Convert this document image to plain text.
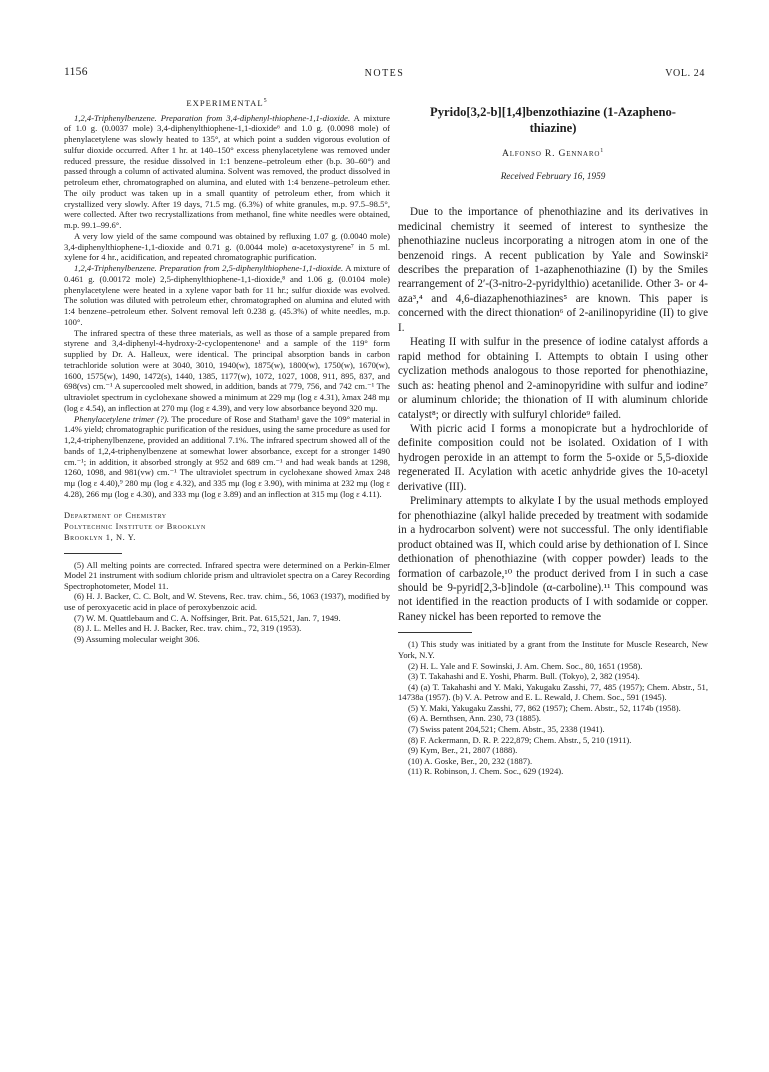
1156	NOTES	VOL. 24
EXPERIMENTAL$^5$

1,2,4-Triphenylbenzene. Preparation from 3,4-diphenyl-thiophene-1,1-dioxide. A mixture of 1.0 g. (0.0037 mole) 3,4-diphenylthiophene-1,1-dioxide⁶ and 1.0 g. (0.0098 mole) of phenylacetylene was slowly heated to 135°, at which point a sudden vigorous evolution of sulfur dioxide occurred. After 1 hr. at 140–150° excess phenylacetylene was removed under reduced pressure, the residue dissolved in 1:1 benzene–petroleum ether (b.p. 30–60°) and passed through a column of activated alumina. Solvent was removed, the product dissolved in petroleum ether, chromatographed on alumina, and eluted with 1:4 benzene–petroleum ether. The oily product was taken up in a small quantity of petroleum ether, from which it crystallized very slowly. After 19 days, 71.5 mg. (6.3%) of white granules, m.p. 97.5–98.5°, were collected. After two recrystallizations from methanol, fine white needles were obtained, m.p. 99.1–99.6°.

A very low yield of the same compound was obtained by refluxing 1.07 g. (0.0040 mole) 3,4-diphenylthiophene-1,1-dioxide and 0.71 g. (0.0044 mole) α-acetoxystyrene⁷ in 5 ml. xylene for 4 hr., acidification, and repeated chromatographic purification.

1,2,4-Triphenylbenzene. Preparation from 2,5-diphenylthiophene-1,1-dioxide. A mixture of 0.461 g. (0.00172 mole) 2,5-diphenylthiophene-1,1-dioxide,⁸ and 1.06 g. (0.0104 mole) phenylacetylene were heated in a xylene vapor bath for 11 hr.; sulfur dioxide was evolved. The solution was diluted with petroleum ether, chromatographed on alumina and eluted with 1:4 benzene–petroleum ether. Solvent removal left 0.238 g. (45.3%) of white needles, m.p. 100°.

The infrared spectra of these three materials, as well as those of a sample prepared from styrene and 3,4-diphenyl-4-hydroxy-2-cyclopentenone¹ and a sample of the 119° form supplied by Dr. A. Halleux, were identical. The principal absorption bands in carbon tetrachloride solution were at 3040, 3010, 1940(w), 1875(w), 1800(w), 1750(w), 1670(w), 1600, 1575(w), 1490, 1472(s), 1440, 1385, 1177(w), 1072, 1027, 1008, 911, 895, 837, and 698(vs) cm.⁻¹ A supercooled melt showed, in addition, bands at 779, 756, and 742 cm.⁻¹ The ultraviolet spectrum in cyclohexane showed a minimum at 229 mμ (log ε 4.31), λmax 248 mμ (log ε 4.54), an inflection at 270 mμ (log ε 4.39), and very low absorbance beyond 320 mμ.

Phenylacetylene trimer (?). The procedure of Rose and Statham¹ gave the 109° material in 1.4% yield; chromatographic purification of the residues, using the same procedure as used for 1,2,4-triphenylbenzene, provided an additional 7.1%. The infrared spectrum showed all of the bands of 1,2,4-triphenylbenzene at somewhat lower absorbance, except for a stronger 1490 cm.⁻¹; in addition, it absorbed strongly at 952 and 689 cm.⁻¹ and had weak bands at 1298, 1260, 1098, and 981(vw) cm.⁻¹ The ultraviolet spectrum in cyclohexane showed λmax 248 mμ (log ε 4.40),⁹ 280 mμ (log ε 4.32), and 335 mμ (log ε 3.90), with minima at 232 mμ (log ε 4.28), 266 mμ (log ε 4.30), and 333 mμ (log ε 3.89) and an inflection at 315 mμ (log ε 4.11).

Department of Chemistry
Polytechnic Institute of Brooklyn
Brooklyn 1, N. Y.

(5) All melting points are corrected. Infrared spectra were determined on a Perkin-Elmer Model 21 instrument with sodium chloride prism and ultraviolet spectra on a Carey Recording Spectrophotometer, Model 11.

(6) H. J. Backer, C. C. Bolt, and W. Stevens, Rec. trav. chim., 56, 1063 (1937), modified by use of peroxyacetic acid in place of peroxybenzoic acid.

(7) W. M. Quattlebaum and C. A. Noffsinger, Brit. Pat. 615,521, Jan. 7, 1949.

(8) J. L. Melles and H. J. Backer, Rec. trav. chim., 72, 319 (1953).

(9) Assuming molecular weight 306.

Pyrido[3,2-b][1,4]benzothiazine (1-Azapheno-
thiazine)
Alfonso R. Gennaro$^1$
Received February 16, 1959

Due to the importance of phenothiazine and its derivatives in medicinal chemistry it seemed of interest to synthesize the phenothiazine nucleus incorporating a nitrogen atom in one of the benzenoid rings. A recent publication by Yale and Sowinski² describes the preparation of 1-azaphenothiazine (I) by the Smiles rearrangement of 2′-(3-nitro-2-pyridylthio) acetanilide. Other 3- or 4-aza³,⁴ and 4,6-diazaphenothiazines⁵ are known. This paper is concerned with the direct thionation⁶ of 2-anilinopyridine (II) to give I.

Heating II with sulfur in the presence of iodine catalyst affords a rapid method for obtaining I. Attempts to obtain I using other cyclization methods analogous to those reported for phenothiazine, such as: heating phenol and 2-aminopyridine with sulfur and iodine⁷ or aluminum chloride; the thionation of II with aluminum chloride catalyst⁸; or directly with sulfuryl chloride⁹ failed.

With picric acid I forms a monopicrate but a hydrochloride of definite composition could not be isolated. Oxidation of I with hydrogen peroxide in an attempt to form the 5-oxide or 5,5-dioxide regenerated II. Acylation with acetic anhydride gives the 10-acetyl derivative (III).

Preliminary attempts to alkylate I by the usual methods employed for phenothiazine (alkyl halide preceded by treatment with sodamide in a hydrocarbon solvent) were not successful. The only identifiable product obtained was II, which could arise by dethionation of I. Since dethionation of phenothiazine (with copper powder) leads to the formation of carbazole,¹⁰ the product derived from I in such a case should be 9-pyrid[2,3-b]indole (α-carboline).¹¹ This compound was not identified in the reaction products of I with sodamide or copper. Raney nickel has been reported to remove the

(1) This study was initiated by a grant from the Institute for Muscle Research, New York, N.Y.

(2) H. L. Yale and F. Sowinski, J. Am. Chem. Soc., 80, 1651 (1958).

(3) T. Takahashi and E. Yoshi, Pharm. Bull. (Tokyo), 2, 382 (1954).

(4) (a) T. Takahashi and Y. Maki, Yakugaku Zasshi, 77, 485 (1957); Chem. Abstr., 51, 14738a (1957). (b) V. A. Petrow and E. L. Rewald, J. Chem. Soc., 591 (1945).

(5) Y. Maki, Yakugaku Zasshi, 77, 862 (1957); Chem. Abstr., 52, 1174b (1958).

(6) A. Bernthsen, Ann. 230, 73 (1885).

(7) Swiss patent 204,521; Chem. Abstr., 35, 2338 (1941).

(8) F. Ackermann, D. R. P. 222,879; Chem. Abstr., 5, 210 (1911).

(9) Kym, Ber., 21, 2807 (1888).

(10) A. Goske, Ber., 20, 232 (1887).

(11) R. Robinson, J. Chem. Soc., 629 (1924).
